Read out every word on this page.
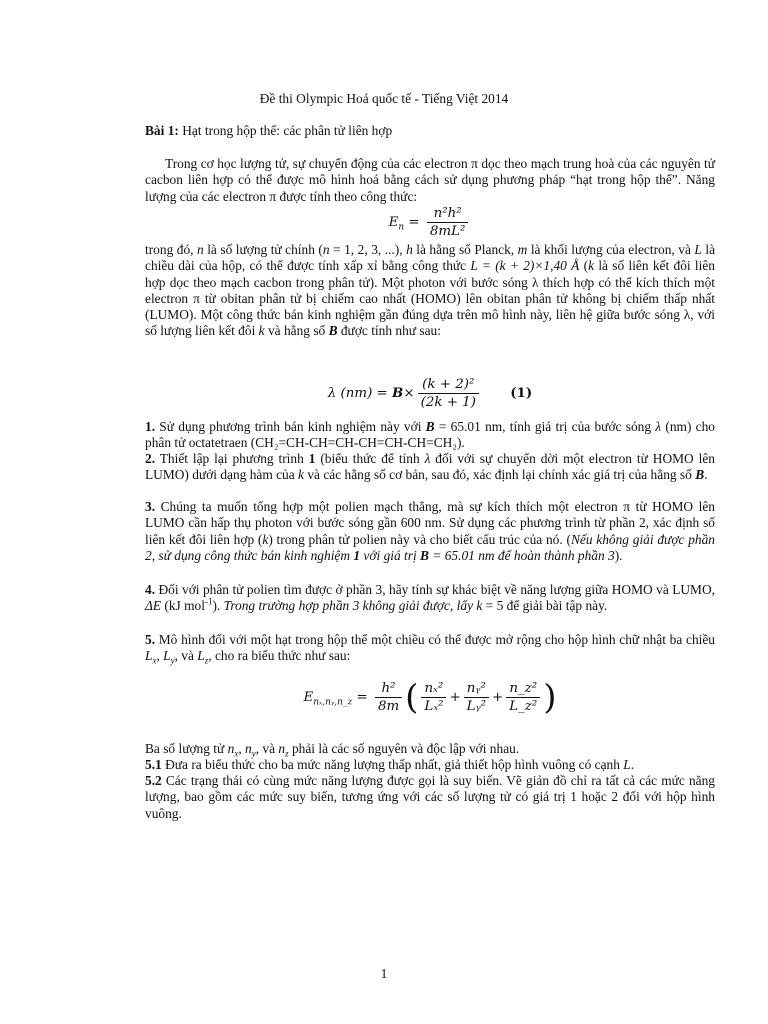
Đề thi Olympic Hoá quốc tế - Tiếng Việt 2014
Bài 1: Hạt trong hộp thể: các phân tử liên hợp

Trong cơ học lượng tử, sự chuyển động của các electron π dọc theo mạch trung hoà của các nguyên tử cacbon liên hợp có thể được mô hình hoá bằng cách sử dụng phương pháp “hạt trong hộp thể”. Năng lượng của các electron π được tính theo công thức:

$E_n = \frac{\text{n²h²}}{\text{8mL²}}$

trong đó, n là số lượng tử chính (n = 1, 2, 3, ...), h là hằng số Planck, m là khối lượng của electron, và L là chiều dài của hộp, có thể được tính xấp xỉ bằng công thức L = (k + 2)×1,40 Å (k là số liên kết đôi liên hợp dọc theo mạch cacbon trong phân tử). Một photon với bước sóng λ thích hợp có thể kích thích một electron π từ obitan phân tử bị chiếm cao nhất (HOMO) lên obitan phân tử không bị chiếm thấp nhất (LUMO). Một công thức bán kinh nghiệm gần đúng dựa trên mô hình này, liên hệ giữa bước sóng λ, với số lượng liên kết đôi k và hằng số B được tính như sau:

λ $(nm) = B\times \frac{\text{(k + 2)²}}{(2k + 1)} (1)$

1. Sử dụng phương trình bán kinh nghiệm này với B = 65.01 nm, tính giá trị của bước sóng λ (nm) cho phân tử octatetraen (CH₂=CH-CH=CH-CH=CH-CH=CH₂).

2. Thiết lập lại phương trình 1 (biểu thức để tính λ đối với sự chuyển dời một electron từ HOMO lên LUMO) dưới dạng hàm của k và các hằng số cơ bản, sau đó, xác định lại chính xác giá trị của hằng số B.

3. Chúng ta muốn tổng hợp một polien mạch thẳng, mà sự kích thích một electron π từ HOMO lên LUMO cần hấp thụ photon với bước sóng gần 600 nm. Sử dụng các phương trình từ phần 2, xác định số liên kết đôi liên hợp (k) trong phân tử polien này và cho biết cấu trúc của nó. (Nếu không giải được phần 2, sử dụng công thức bán kinh nghiệm 1 với giá trị B = 65.01 nm để hoàn thành phần 3).

4. Đối với phân tử polien tìm được ở phần 3, hãy tính sự khác biệt về năng lượng giữa HOMO và LUMO, ΔE (kJ mol$^{-1}$). Trong trường hợp phần 3 không giải được, lấy k = 5 để giải bài tập này.

5. Mô hình đối với một hạt trong hộp thể một chiều có thể được mở rộng cho hộp hình chữ nhật ba chiều $L_x$, $L_y$, và $L_z$, cho ra biểu thức như sau:

$E_{n_x,nᵧ,n\_z} = \frac{\text{h²}}{8m}$ ( $\frac{\text{nₓ²}}{\text{Lₓ²}} + \frac{\text{nᵧ²}}{\text{Lᵧ²}} + \frac{\text{n\_z²}}{\text{L\_z²}}$ )

Ba số lượng tử $n_x$, $n_y$, và $n_z$ phải là các số nguyên và độc lập với nhau.

5.1 Đưa ra biểu thức cho ba mức năng lượng thấp nhất, giả thiết hộp hình vuông có cạnh L.

5.2 Các trạng thái có cùng mức năng lượng được gọi là suy biến. Vẽ giản đồ chỉ ra tất cả các mức năng lượng, bao gồm các mức suy biến, tương ứng với các số lượng tử có giá trị 1 hoặc 2 đối với hộp hình vuông.

1
